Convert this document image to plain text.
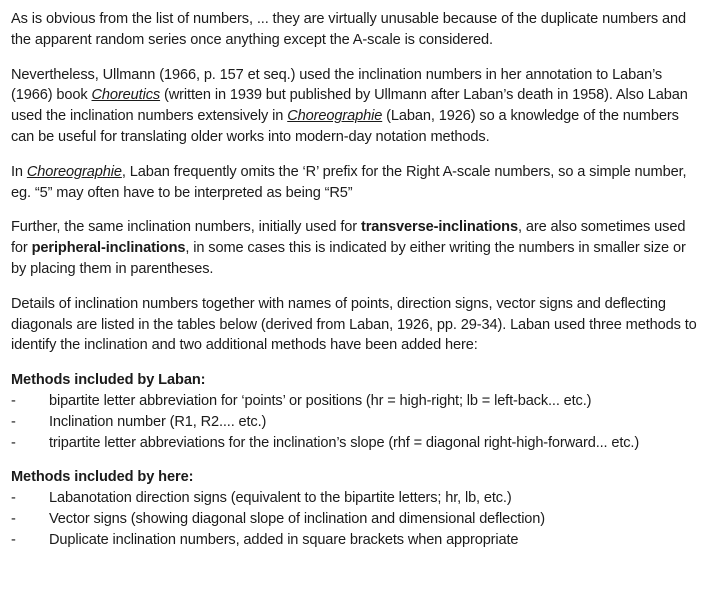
As is obvious from the list of numbers, ... they are virtually unusable because of the duplicate numbers and the apparent random series once anything except the A-scale is considered.

Nevertheless, Ullmann (1966, p. 157 et seq.) used the inclination numbers in her annotation to Laban’s (1966) book Choreutics (written in 1939 but published by Ullmann after Laban’s death in 1958). Also Laban used the inclination numbers extensively in Choreographie (Laban, 1926) so a knowledge of the numbers can be useful for translating older works into modern-day notation methods.

In Choreographie, Laban frequently omits the ‘R’ prefix for the Right A-scale numbers, so a simple number, eg. “5” may often have to be interpreted as being “R5”

Further, the same inclination numbers, initially used for transverse-inclinations, are also sometimes used for peripheral-inclinations, in some cases this is indicated by either writing the numbers in smaller size or by placing them in parentheses.

Details of inclination numbers together with names of points, direction signs, vector signs and deflecting diagonals are listed in the tables below (derived from Laban, 1926, pp. 29-34). Laban used three methods to identify the inclination and two additional methods have been added here:

Methods included by Laban:
-	bipartite letter abbreviation for ‘points’ or positions (hr = high-right; lb = left-back... etc.)
-	Inclination number (R1, R2.... etc.)
-	tripartite letter abbreviations for the inclination’s slope (rhf = diagonal right-high-forward... etc.)
Methods included by here:
-	Labanotation direction signs (equivalent to the bipartite letters; hr, lb, etc.)
-	Vector signs (showing diagonal slope of inclination and dimensional deflection)
-	Duplicate inclination numbers, added in square brackets when appropriate
